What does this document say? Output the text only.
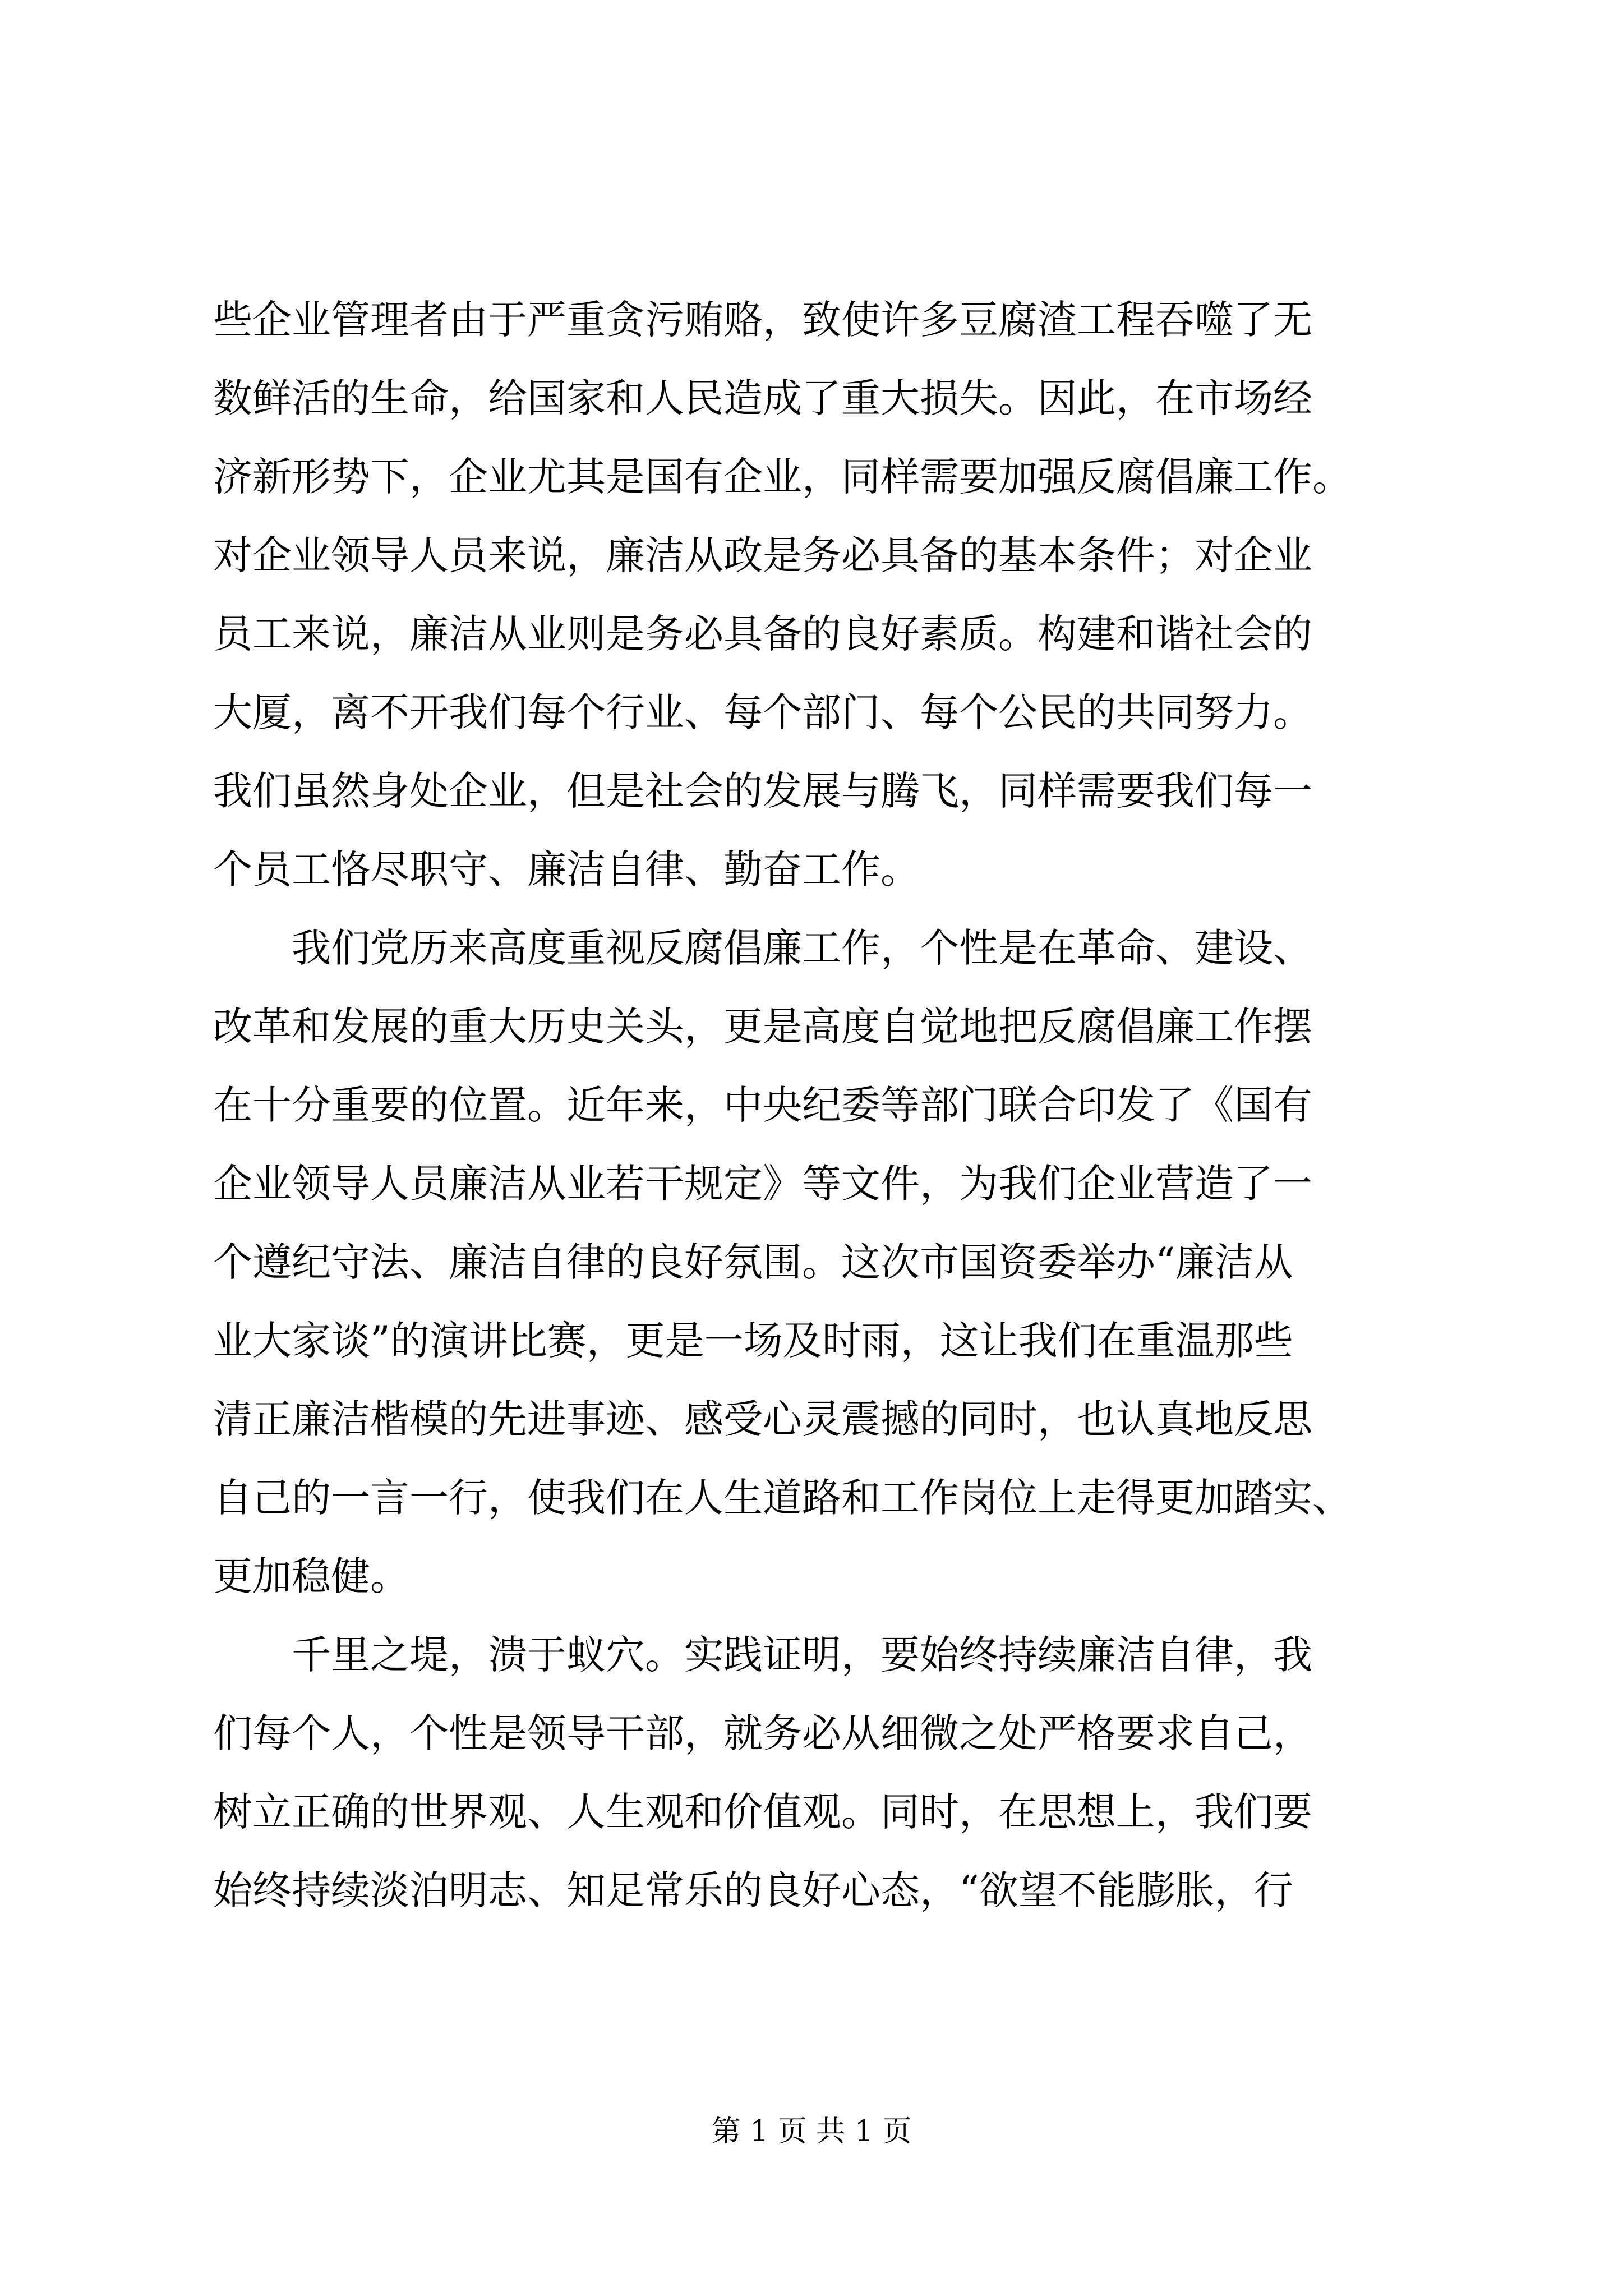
些企业管理者由于严重贪污贿赂，致使许多豆腐渣工程吞噬了无
数鲜活的生命，给国家和人民造成了重大损失。因此，在市场经
济新形势下，企业尤其是国有企业，同样需要加强反腐倡廉工作。
对企业领导人员来说，廉洁从政是务必具备的基本条件；对企业
员工来说，廉洁从业则是务必具备的良好素质。构建和谐社会的
大厦，离不开我们每个行业、每个部门、每个公民的共同努力。
我们虽然身处企业，但是社会的发展与腾飞，同样需要我们每一
个员工恪尽职守、廉洁自律、勤奋工作。
我们党历来高度重视反腐倡廉工作，个性是在革命、建设、
改革和发展的重大历史关头，更是高度自觉地把反腐倡廉工作摆
在十分重要的位置。近年来，中央纪委等部门联合印发了《国有
企业领导人员廉洁从业若干规定》等文件，为我们企业营造了一
个遵纪守法、廉洁自律的良好氛围。这次市国资委举办“廉洁从
业大家谈”的演讲比赛，更是一场及时雨，这让我们在重温那些
清正廉洁楷模的先进事迹、感受心灵震撼的同时，也认真地反思
自己的一言一行，使我们在人生道路和工作岗位上走得更加踏实、
更加稳健。
千里之堤，溃于蚁穴。实践证明，要始终持续廉洁自律，我
们每个人，个性是领导干部，就务必从细微之处严格要求自己，
树立正确的世界观、人生观和价值观。同时，在思想上，我们要
始终持续淡泊明志、知足常乐的良好心态，“欲望不能膨胀，行
第 1 页 共 1 页
